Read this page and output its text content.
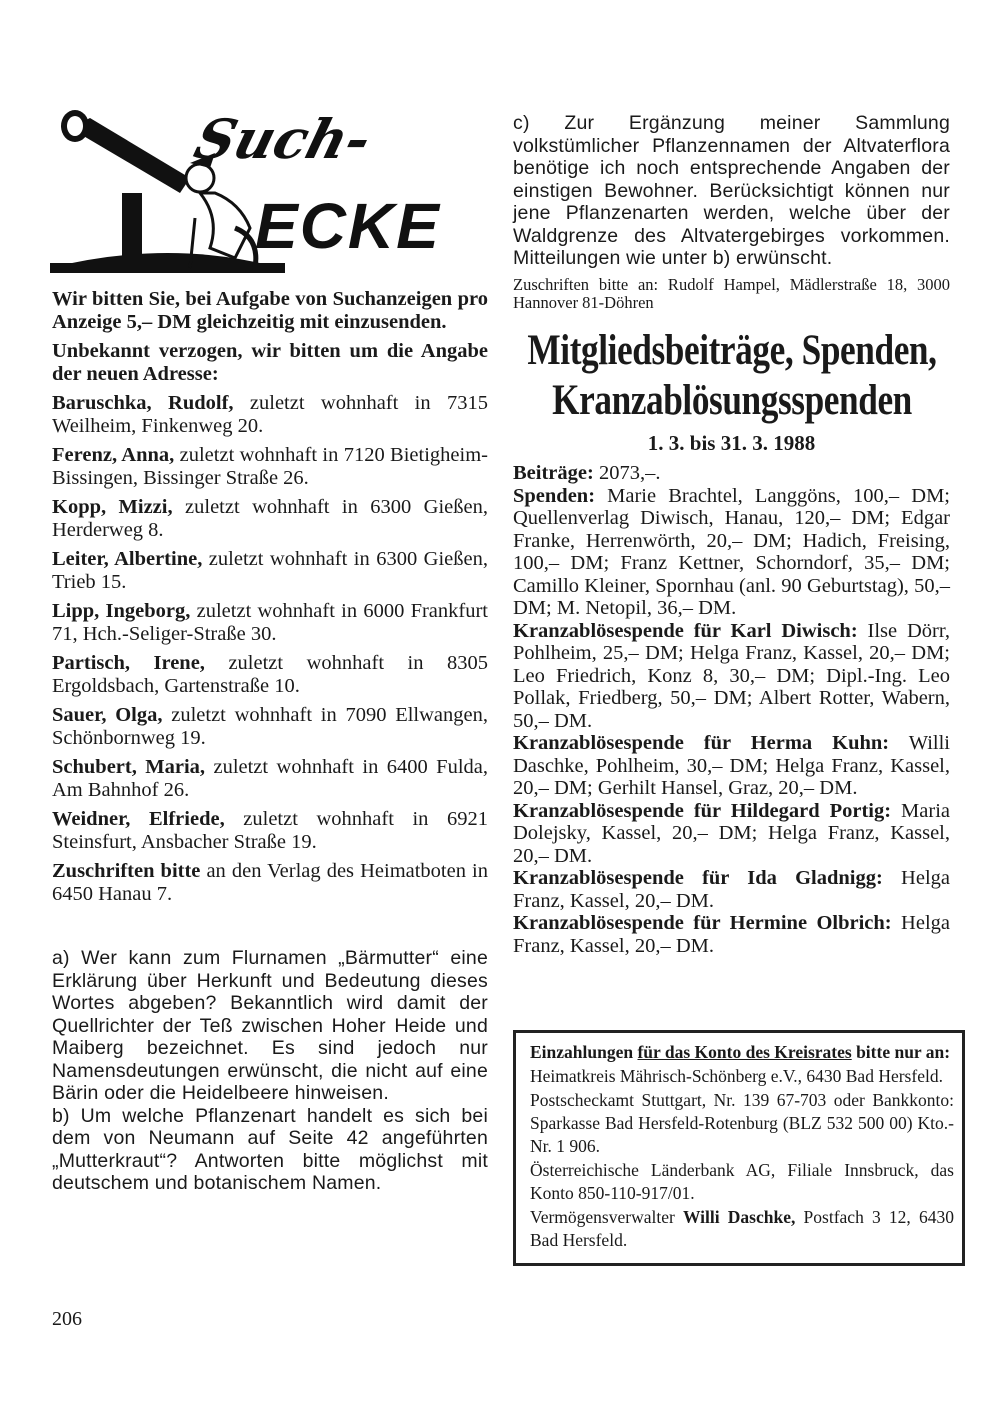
Such-
ECKE

Wir bitten Sie, bei Aufgabe von Suchanzeigen pro Anzeige 5,– DM gleichzeitig mit einzusenden.

Unbekannt verzogen, wir bitten um die Angabe der neuen Adresse:

Baruschka, Rudolf, zuletzt wohnhaft in 7315 Weilheim, Finkenweg 20.

Ferenz, Anna, zuletzt wohnhaft in 7120 Bietigheim-Bissingen, Bissinger Straße 26.

Kopp, Mizzi, zuletzt wohnhaft in 6300 Gießen, Herderweg 8.

Leiter, Albertine, zuletzt wohnhaft in 6300 Gießen, Trieb 15.

Lipp, Ingeborg, zuletzt wohnhaft in 6000 Frankfurt 71, Hch.-Seliger-Straße 30.

Partisch, Irene, zuletzt wohnhaft in 8305 Ergoldsbach, Gartenstraße 10.

Sauer, Olga, zuletzt wohnhaft in 7090 Ellwangen, Schönbornweg 19.

Schubert, Maria, zuletzt wohnhaft in 6400 Fulda, Am Bahnhof 26.

Weidner, Elfriede, zuletzt wohnhaft in 6921 Steinsfurt, Ansbacher Straße 19.

Zuschriften bitte an den Verlag des Heimatboten in 6450 Hanau 7.

a) Wer kann zum Flurnamen „Bärmutter“ eine Erklärung über Herkunft und Bedeutung dieses Wortes abgeben? Bekanntlich wird damit der Quellrichter der Teß zwischen Hoher Heide und Maiberg bezeichnet. Es sind jedoch nur Namensdeutungen erwünscht, die nicht auf eine Bärin oder die Heidelbeere hinweisen.

b) Um welche Pflanzenart handelt es sich bei dem von Neumann auf Seite 42 angeführten „Mutterkraut“? Antworten bitte möglichst mit deutschem und botanischem Namen.

c) Zur Ergänzung meiner Sammlung volkstümlicher Pflanzennamen der Altvaterflora benötige ich noch entsprechende Angaben der einstigen Bewohner. Berücksichtigt können nur jene Pflanzenarten werden, welche über der Waldgrenze des Altvatergebirges vorkommen. Mitteilungen wie unter b) erwünscht.

Zuschriften bitte an: Rudolf Hampel, Mädlerstraße 18, 3000 Hannover 81-Döhren

Mitgliedsbeiträge, Spenden,
Kranzablösungsspenden
1. 3. bis 31. 3. 1988

Beiträge: 2073,–.

Spenden: Marie Brachtel, Langgöns, 100,– DM; Quellenverlag Diwisch, Hanau, 120,– DM; Edgar Franke, Herrenwörth, 20,– DM; Hadich, Freising, 100,– DM; Franz Kettner, Schorndorf, 35,– DM; Camillo Kleiner, Spornhau (anl. 90 Geburtstag), 50,– DM; M. Netopil, 36,– DM.

Kranzablösespende für Karl Diwisch: Ilse Dörr, Pohlheim, 25,– DM; Helga Franz, Kassel, 20,– DM; Leo Friedrich, Konz 8, 30,– DM; Dipl.-Ing. Leo Pollak, Friedberg, 50,– DM; Albert Rotter, Wabern, 50,– DM.

Kranzablösespende für Herma Kuhn: Willi Daschke, Pohlheim, 30,– DM; Helga Franz, Kassel, 20,– DM; Gerhilt Hansel, Graz, 20,– DM.

Kranzablösespende für Hildegard Portig: Maria Dolejsky, Kassel, 20,– DM; Helga Franz, Kassel, 20,– DM.

Kranzablösespende für Ida Gladnigg: Helga Franz, Kassel, 20,– DM.

Kranzablösespende für Hermine Olbrich: Helga Franz, Kassel, 20,– DM.

Einzahlungen für das Konto des Kreisrates bitte nur an:

Heimatkreis Mährisch-Schönberg e.V., 6430 Bad Hersfeld.

Postscheckamt Stuttgart, Nr. 139 67-703 oder Bankkonto: Sparkasse Bad Hersfeld-Rotenburg (BLZ 532 500 00) Kto.-Nr. 1 906.

Österreichische Länderbank AG, Filiale Innsbruck, das Konto 850-110-917/01.

Vermögensverwalter Willi Daschke, Postfach 3 12, 6430 Bad Hersfeld.

206
